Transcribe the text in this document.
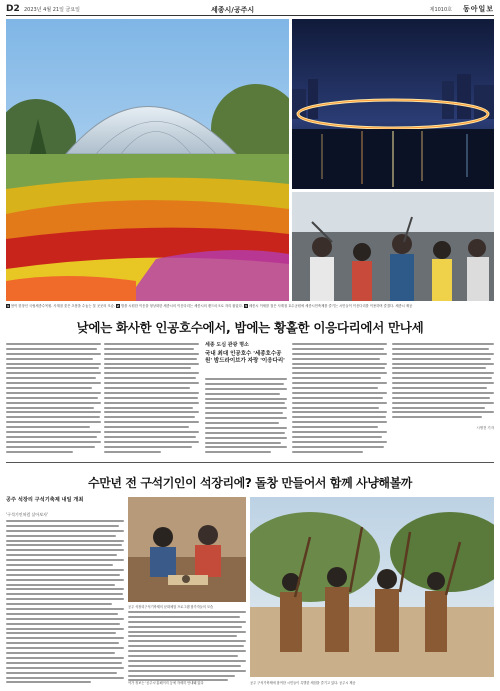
D2 2023년 4월 21일 금요일	세종시/공주시	제1010호 동아일보
1 봄이 한창인 국립세종수목원. 사계절 꽃은 초봄을 수놓는 꽃 곳곳의 모습. 2 밤을 시원한 이응을 형상화한 세종시의 이응다리는 세종시의 랜드마크로 자리 잡았다. 3 세종시 이세를 접은 사계절 호수공원에 세종시민축제를 즐기는 시민들이 이응다리를 이용하며 즐겼다. 세종시 제공
낮에는 화사한 인공호수에서, 밤에는 황홀한 이응다리에서 만나세
세종 도심 관광 명소
국내 최대 인공호수 '세종호수공원' 밤드라이브가 자랑 '이응다리'
시명전 기자
수만년 전 구석기인이 석장리에? 돌창 만들어서 함께 사냥해볼까
공주 석장리 구석기축제 내일 개최
'구석기인처럼 살아보자'
공주 석장리구석기축제의 문화체험 프로그램 참가자들의 모습
공주 구석기축제에 참여한 시민들이 특별한 체험을 즐기고 있다. 공주시 제공
여가 정보는 '공주시'홈페이지 등에 자세히 안내돼 있다
